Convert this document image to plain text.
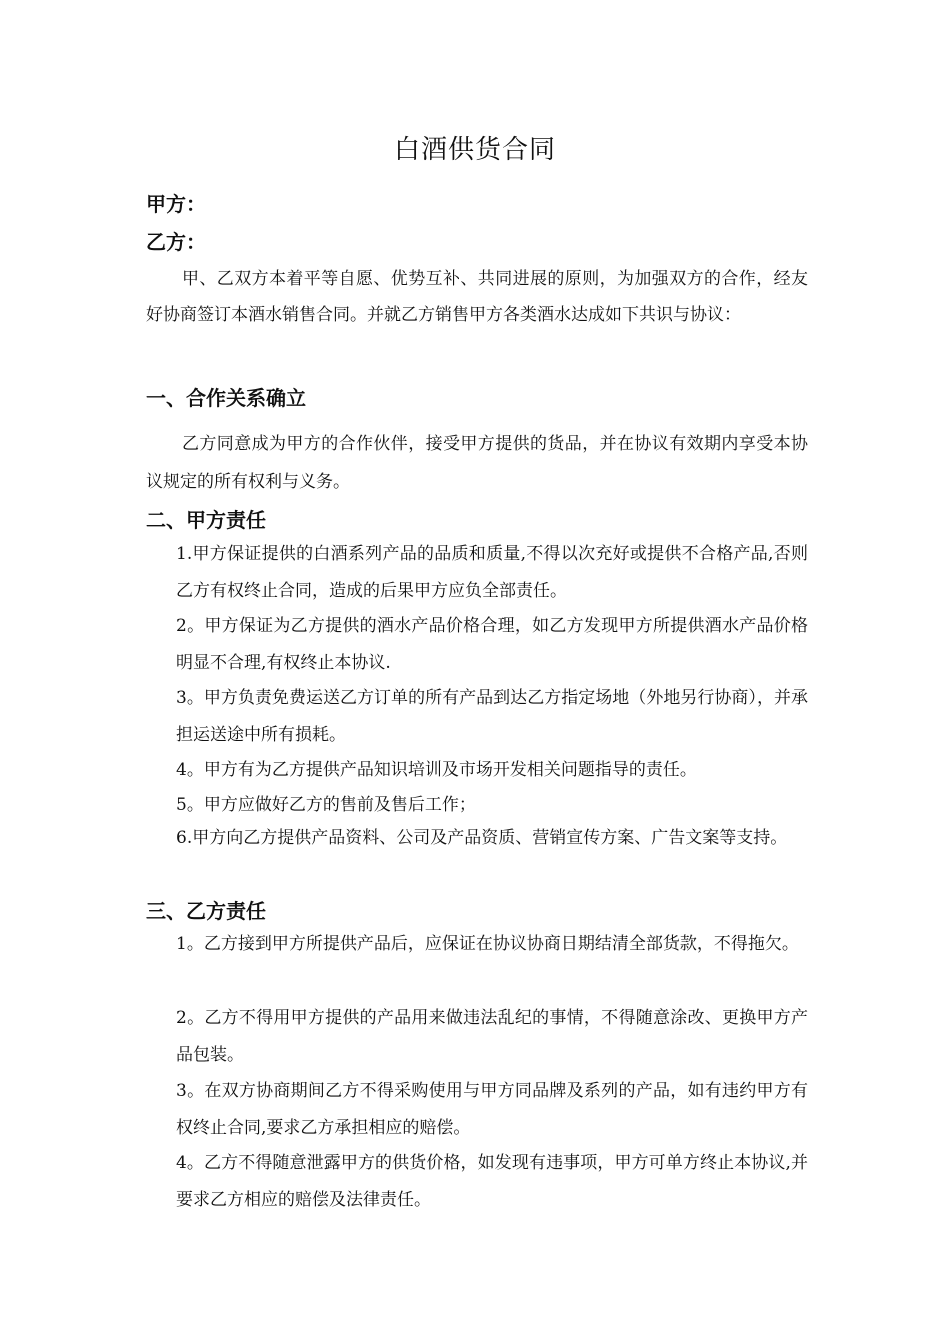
白酒供货合同
甲方：
乙方：
甲、乙双方本着平等自愿、优势互补、共同进展的原则，为加强双方的合作，经友好协商签订本酒水销售合同。并就乙方销售甲方各类酒水达成如下共识与协议：
一、合作关系确立
乙方同意成为甲方的合作伙伴，接受甲方提供的货品，并在协议有效期内享受本协议规定的所有权利与义务。
二、甲方责任
1.甲方保证提供的白酒系列产品的品质和质量,不得以次充好或提供不合格产品,否则乙方有权终止合同，造成的后果甲方应负全部责任。
2。甲方保证为乙方提供的酒水产品价格合理，如乙方发现甲方所提供酒水产品价格明显不合理,有权终止本协议.
3。甲方负责免费运送乙方订单的所有产品到达乙方指定场地（外地另行协商），并承担运送途中所有损耗。
4。甲方有为乙方提供产品知识培训及市场开发相关问题指导的责任。
5。甲方应做好乙方的售前及售后工作；
6.甲方向乙方提供产品资料、公司及产品资质、营销宣传方案、广告文案等支持。
三、乙方责任
1。乙方接到甲方所提供产品后，应保证在协议协商日期结清全部货款，不得拖欠。
2。乙方不得用甲方提供的产品用来做违法乱纪的事情，不得随意涂改、更换甲方产品包装。
3。在双方协商期间乙方不得采购使用与甲方同品牌及系列的产品，如有违约甲方有权终止合同,要求乙方承担相应的赔偿。
4。乙方不得随意泄露甲方的供货价格，如发现有违事项，甲方可单方终止本协议,并要求乙方相应的赔偿及法律责任。
